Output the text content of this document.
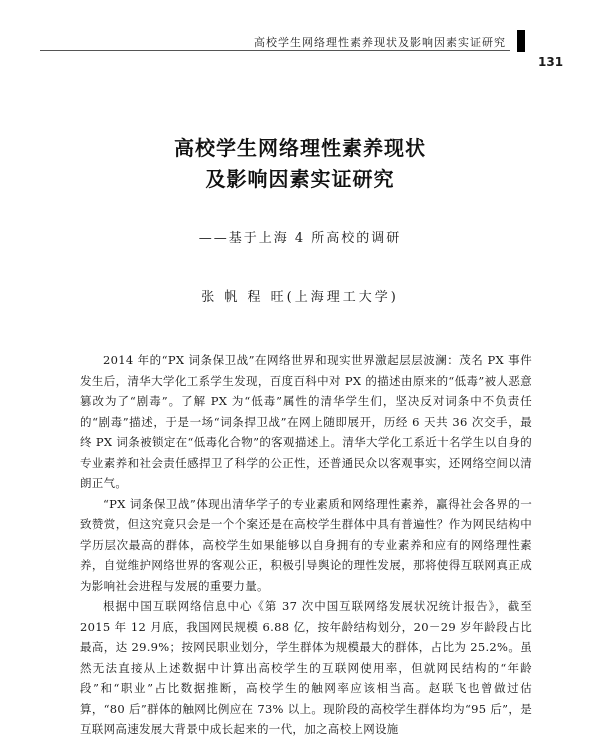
高校学生网络理性素养现状及影响因素实证研究
131
高校学生网络理性素养现状
及影响因素实证研究
——基于上海 4 所高校的调研
张 帆 程 旺(上海理工大学)

2014 年的“PX 词条保卫战”在网络世界和现实世界激起层层波澜：茂名 PX 事件发生后，清华大学化工系学生发现，百度百科中对 PX 的描述由原来的“低毒”被人恶意篡改为了“剧毒”。了解 PX 为“低毒”属性的清华学生们，坚决反对词条中不负责任的“剧毒”描述，于是一场“词条捍卫战”在网上随即展开，历经 6 天共 36 次交手，最终 PX 词条被锁定在“低毒化合物”的客观描述上。清华大学化工系近十名学生以自身的专业素养和社会责任感捍卫了科学的公正性，还普通民众以客观事实，还网络空间以清朗正气。

“PX 词条保卫战”体现出清华学子的专业素质和网络理性素养，赢得社会各界的一致赞赏，但这究竟只会是一个个案还是在高校学生群体中具有普遍性？作为网民结构中学历层次最高的群体，高校学生如果能够以自身拥有的专业素养和应有的网络理性素养，自觉维护网络世界的客观公正，积极引导舆论的理性发展，那将使得互联网真正成为影响社会进程与发展的重要力量。

根据中国互联网络信息中心《第 37 次中国互联网络发展状况统计报告》，截至 2015 年 12 月底，我国网民规模 6.88 亿，按年龄结构划分，20－29 岁年龄段占比最高，达 29.9%；按网民职业划分，学生群体为规模最大的群体，占比为 25.2%。虽然无法直接从上述数据中计算出高校学生的互联网使用率，但就网民结构的“年龄段”和“职业”占比数据推断，高校学生的触网率应该相当高。赵联飞也曾做过估算，“80 后”群体的触网比例应在 73% 以上。现阶段的高校学生群体均为“95 后”，是互联网高速发展大背景中成长起来的一代，加之高校上网设施
